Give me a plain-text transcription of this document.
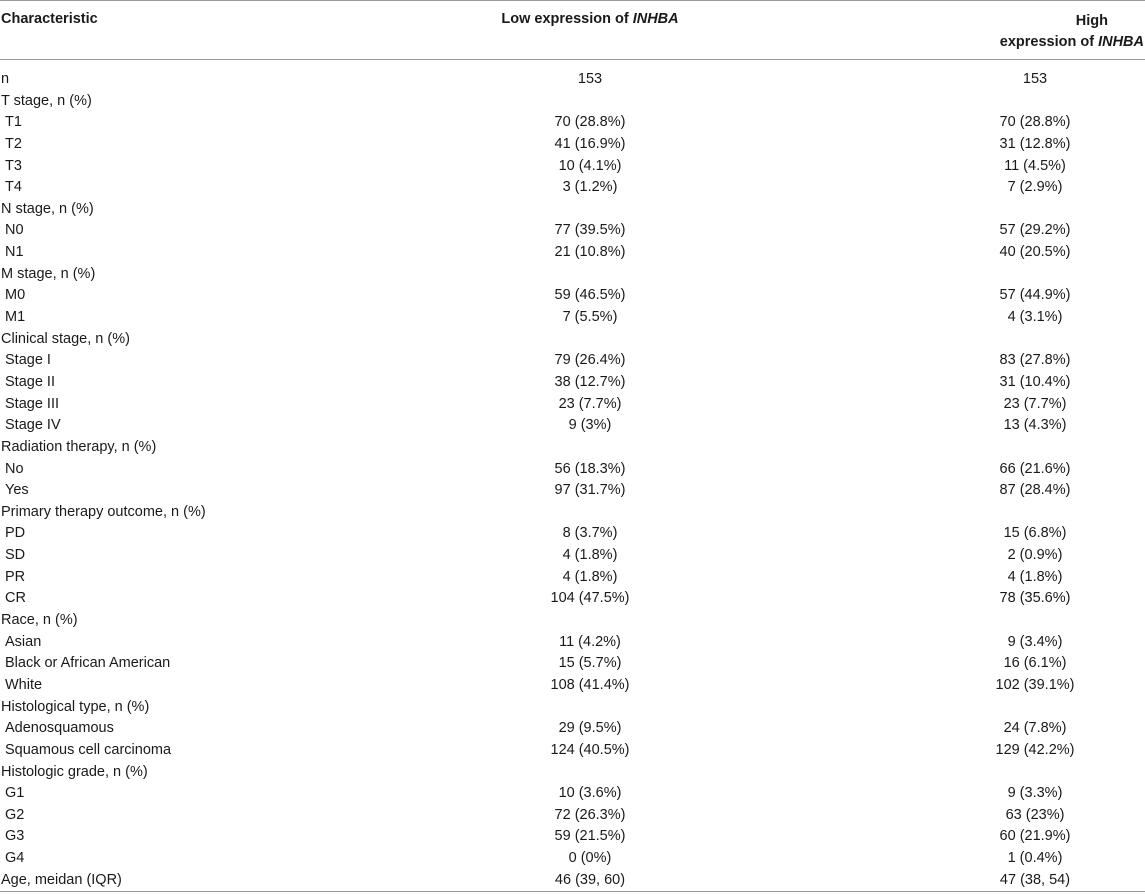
Characteristic	Low expression of INHBA	High
expression of INHBA
n	153	153
T stage, n (%)
T1	70 (28.8%)	70 (28.8%)
T2	41 (16.9%)	31 (12.8%)
T3	10 (4.1%)	11 (4.5%)
T4	3 (1.2%)	7 (2.9%)
N stage, n (%)
N0	77 (39.5%)	57 (29.2%)
N1	21 (10.8%)	40 (20.5%)
M stage, n (%)
M0	59 (46.5%)	57 (44.9%)
M1	7 (5.5%)	4 (3.1%)
Clinical stage, n (%)
Stage I	79 (26.4%)	83 (27.8%)
Stage II	38 (12.7%)	31 (10.4%)
Stage III	23 (7.7%)	23 (7.7%)
Stage IV	9 (3%)	13 (4.3%)
Radiation therapy, n (%)
No	56 (18.3%)	66 (21.6%)
Yes	97 (31.7%)	87 (28.4%)
Primary therapy outcome, n (%)
PD	8 (3.7%)	15 (6.8%)
SD	4 (1.8%)	2 (0.9%)
PR	4 (1.8%)	4 (1.8%)
CR	104 (47.5%)	78 (35.6%)
Race, n (%)
Asian	11 (4.2%)	9 (3.4%)
Black or African American	15 (5.7%)	16 (6.1%)
White	108 (41.4%)	102 (39.1%)
Histological type, n (%)
Adenosquamous	29 (9.5%)	24 (7.8%)
Squamous cell carcinoma	124 (40.5%)	129 (42.2%)
Histologic grade, n (%)
G1	10 (3.6%)	9 (3.3%)
G2	72 (26.3%)	63 (23%)
G3	59 (21.5%)	60 (21.9%)
G4	0 (0%)	1 (0.4%)
Age, meidan (IQR)	46 (39, 60)	47 (38, 54)
